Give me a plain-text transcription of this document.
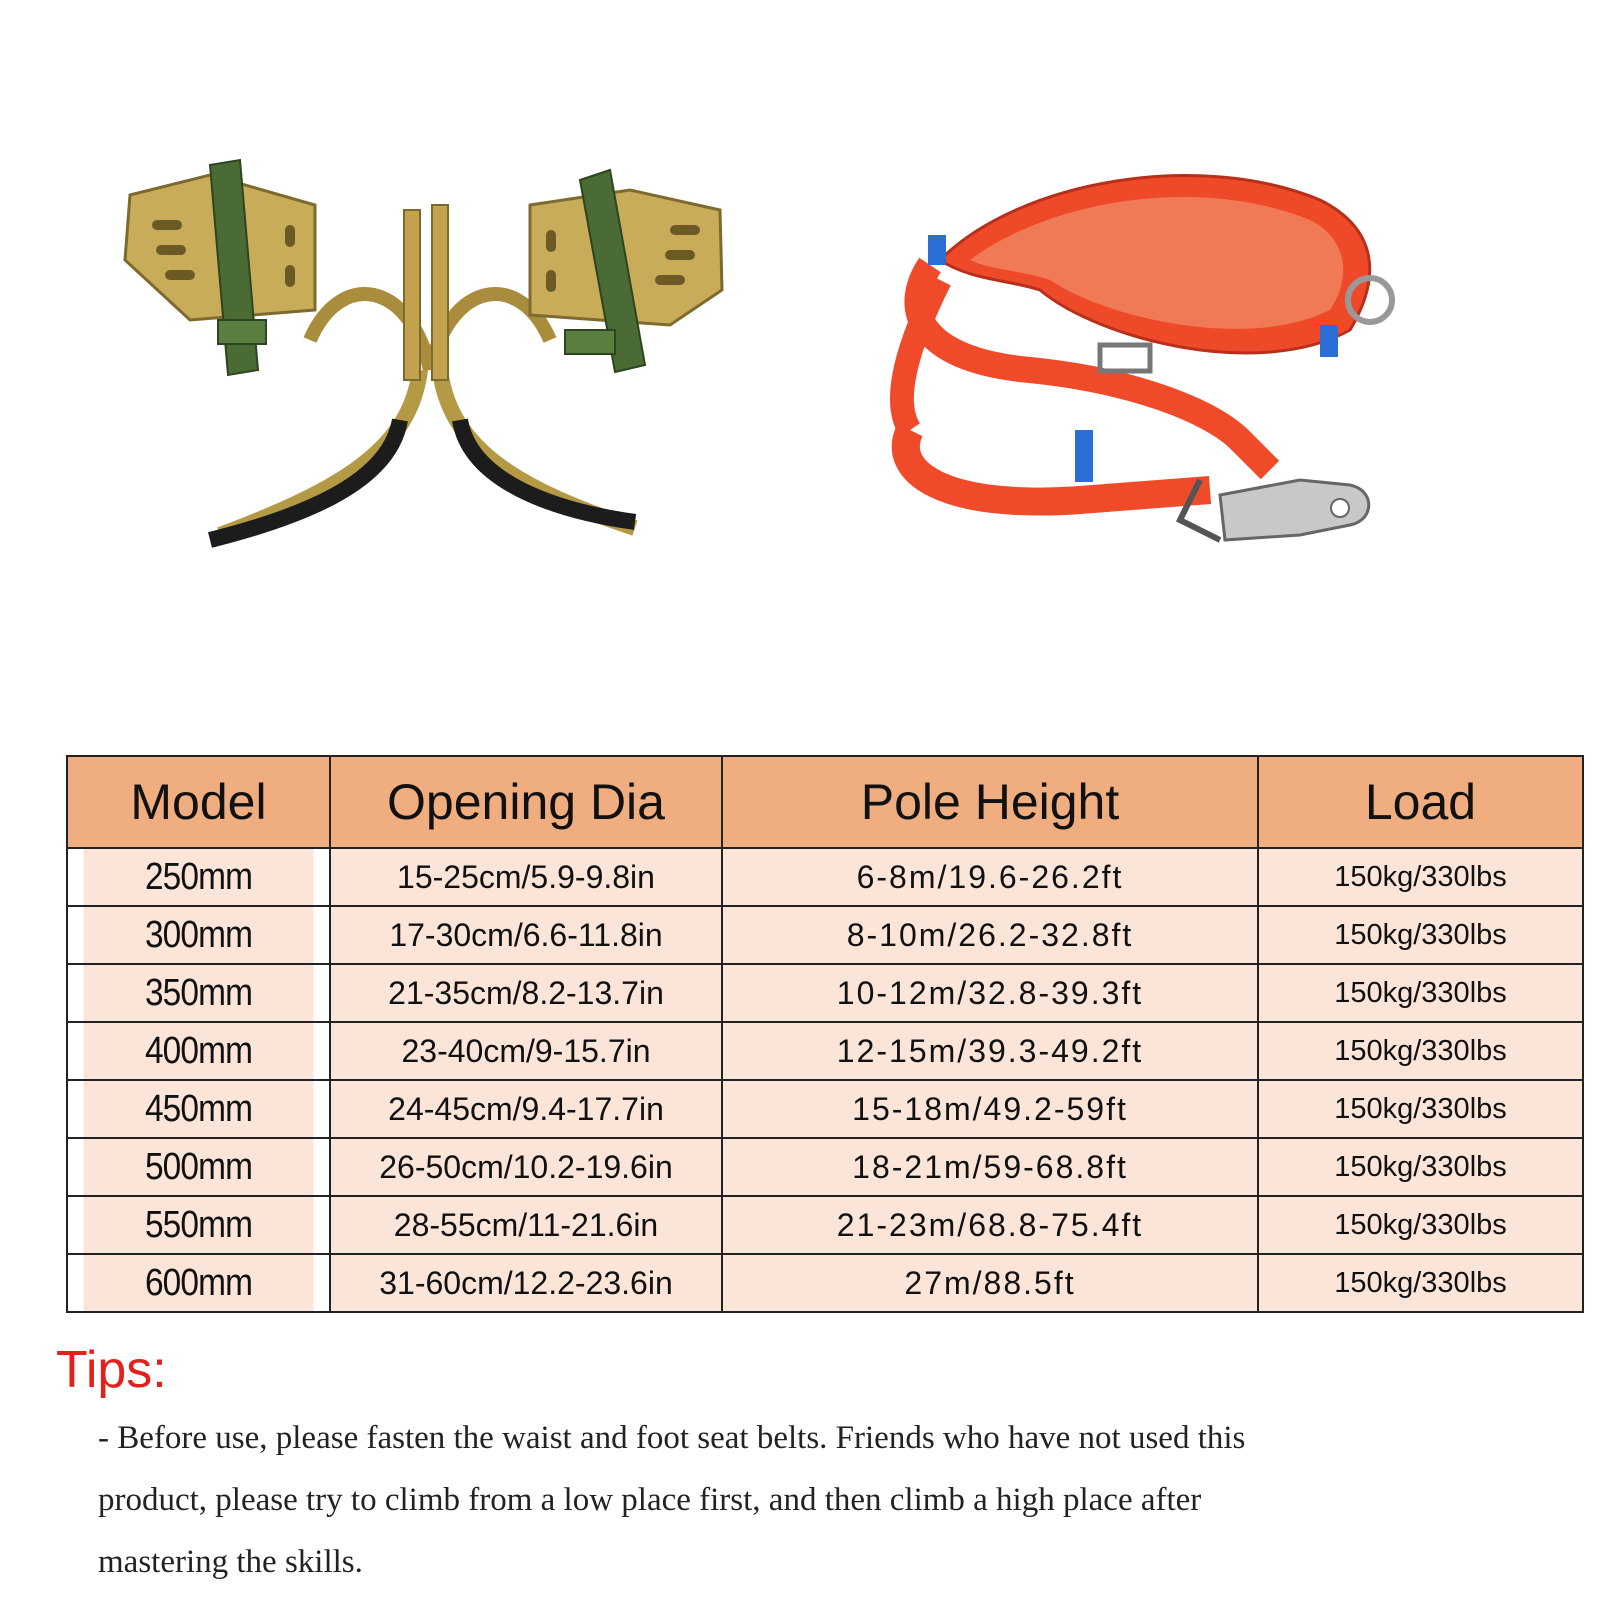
Model	Opening Dia	Pole Height	Load
250mm	15-25cm/5.9-9.8in	6-8m/19.6-26.2ft	150kg/330lbs
300mm	17-30cm/6.6-11.8in	8-10m/26.2-32.8ft	150kg/330lbs
350mm	21-35cm/8.2-13.7in	10-12m/32.8-39.3ft	150kg/330lbs
400mm	23-40cm/9-15.7in	12-15m/39.3-49.2ft	150kg/330lbs
450mm	24-45cm/9.4-17.7in	15-18m/49.2-59ft	150kg/330lbs
500mm	26-50cm/10.2-19.6in	18-21m/59-68.8ft	150kg/330lbs
550mm	28-55cm/11-21.6in	21-23m/68.8-75.4ft	150kg/330lbs
600mm	31-60cm/12.2-23.6in	27m/88.5ft	150kg/330lbs
Tips:

- Before use, please fasten the waist and foot seat belts. Friends who have not used this product, please try to climb from a low place first, and then climb a high place after mastering the skills.
